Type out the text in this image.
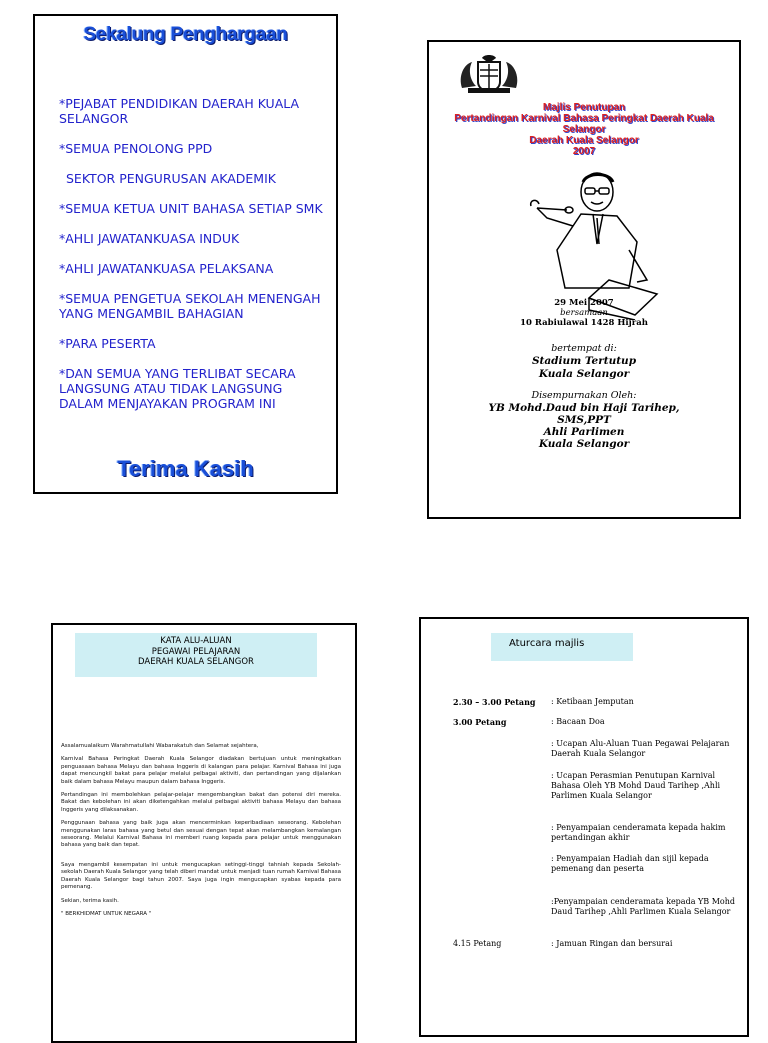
Sekalung Penghargaan
*PEJABAT PENDIDIKAN DAERAH KUALA SELANGOR
*SEMUA PENOLONG PPD
SEKTOR PENGURUSAN AKADEMIK
*SEMUA KETUA UNIT BAHASA SETIAP SMK
*AHLI JAWATANKUASA INDUK
*AHLI JAWATANKUASA PELAKSANA
*SEMUA PENGETUA SEKOLAH MENENGAH YANG MENGAMBIL BAHAGIAN
*PARA PESERTA
*DAN SEMUA YANG TERLIBAT SECARA LANGSUNG ATAU TIDAK LANGSUNG DALAM MENJAYAKAN PROGRAM INI
Terima Kasih
Majlis Penutupan
Pertandingan Karnival Bahasa Peringkat Daerah Kuala Selangor
Daerah Kuala Selangor
2007
29 Mei 2007
bersamaan
10 Rabiulawal 1428 Hijrah
bertempat di:
Stadium Tertutup
Kuala Selangor
Disempurnakan Oleh:
YB Mohd.Daud bin Haji Tarihep,
SMS,PPT
Ahli Parlimen
Kuala Selangor
KATA ALU-ALUAN
PEGAWAI PELAJARAN
DAERAH KUALA SELANGOR

Assalamualaikum Warahmatullahi Wabarakatuh dan Selamat sejahtera,

Karnival Bahasa Peringkat Daerah Kuala Selangor diadakan bertujuan untuk meningkatkan penguasaan bahasa Melayu dan bahasa Inggeris di kalangan para pelajar. Karnival Bahasa ini juga dapat mencungkil bakat para pelajar melalui pelbagai aktiviti, dan pertandingan yang dijalankan baik dalam bahasa Melayu maupun dalam bahasa Inggeris.

Pertandingan ini membolehkan pelajar-pelajar mengembangkan bakat dan potensi diri mereka. Bakat dan kebolehan ini akan diketengahkan melalui pelbagai aktiviti bahasa Melayu dan bahasa Inggeris yang dilaksanakan.

Penggunaan bahasa yang baik juga akan mencerminkan keperibadiaan seseorang. Kebolehan menggunakan laras bahasa yang betul dan sesuai dengan tepat akan melambangkan kemalangan seseorang. Melalui Karnival Bahasa ini memberi ruang kepada para pelajar untuk menggunakan bahasa yang baik dan tepat.

Saya mengambil kesempatan ini untuk mengucapkan setinggi-tinggi tahniah kepada Sekolah-sekolah Daerah Kuala Selangor yang telah diberi mandat untuk menjadi tuan rumah Karnival Bahasa Daerah Kuala Selangor bagi tahun 2007. Saya juga ingin mengucapkan syabas kepada para pemenang.

Sekian, terima kasih.

" BERKHIDMAT UNTUK NEGARA "

Aturcara majlis
2.30 – 3.00 Petang	: Ketibaan Jemputan
3.00 Petang	: Bacaan Doa
: Ucapan Alu-Aluan Tuan Pegawai Pelajaran Daerah Kuala Selangor
: Ucapan Perasmian Penutupan Karnival Bahasa Oleh YB Mohd Daud Tarihep ,Ahli Parlimen Kuala Selangor
: Penyampaian cenderamata kepada hakim pertandingan akhir
: Penyampaian Hadiah dan sijil kepada pemenang dan peserta
:Penyampaian cenderamata kepada YB Mohd Daud Tarihep ,Ahli Parlimen Kuala Selangor
4.15 Petang	: Jamuan Ringan dan bersurai
